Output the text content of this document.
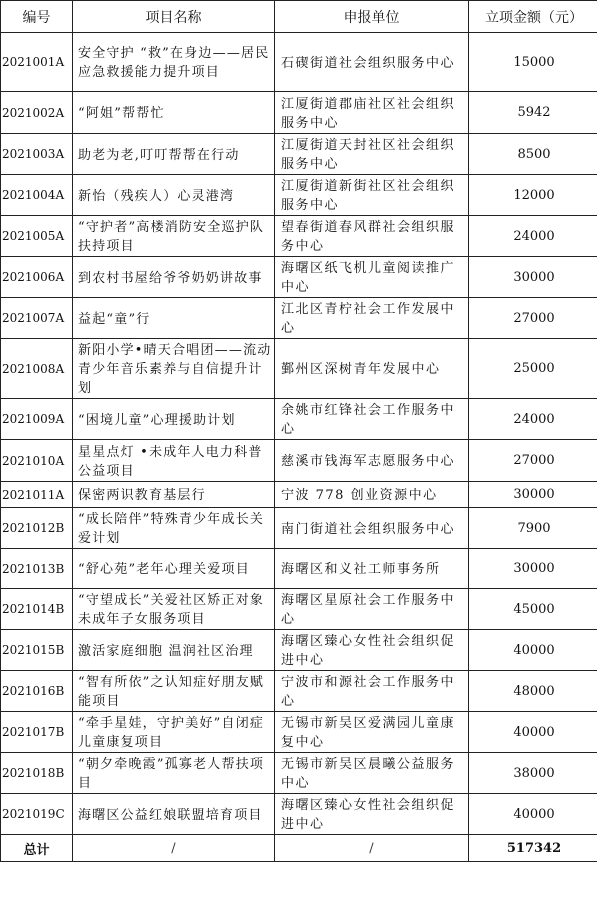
编号	项目名称	申报单位	立项金额（元）
2021001A	安全守护 “救”在身边——居民应急救援能力提升项目	石碶街道社会组织服务中心	15000
2021002A	“阿姐”帮帮忙	江厦街道郡庙社区社会组织服务中心	5942
2021003A	助老为老,叮叮帮帮在行动	江厦街道天封社区社会组织服务中心	8500
2021004A	新怡（残疾人）心灵港湾	江厦街道新街社区社会组织服务中心	12000
2021005A	“守护者”高楼消防安全巡护队扶持项目	望春街道春风群社会组织服务中心	24000
2021006A	到农村书屋给爷爷奶奶讲故事	海曙区纸飞机儿童阅读推广中心	30000
2021007A	益起“童”行	江北区青柠社会工作发展中心	27000
2021008A	新阳小学•晴天合唱团——流动青少年音乐素养与自信提升计划	鄞州区深树青年发展中心	25000
2021009A	“困境儿童”心理援助计划	余姚市红锋社会工作服务中心	24000
2021010A	星星点灯 •未成年人电力科普公益项目	慈溪市钱海军志愿服务中心	27000
2021011A	保密两识教育基层行	宁波 778 创业资源中心	30000
2021012B	“成长陪伴”特殊青少年成长关爱计划	南门街道社会组织服务中心	7900
2021013B	“舒心苑”老年心理关爱项目	海曙区和义社工师事务所	30000
2021014B	“守望成长”关爱社区矫正对象未成年子女服务项目	海曙区星原社会工作服务中心	45000
2021015B	激活家庭细胞 温润社区治理	海曙区臻心女性社会组织促进中心	40000
2021016B	“智有所依”之认知症好朋友赋能项目	宁波市和源社会工作服务中心	48000
2021017B	“牵手星娃，守护美好”自闭症儿童康复项目	无锡市新吴区爱满园儿童康复中心	40000
2021018B	“朝夕牵晚霞”孤寡老人帮扶项目	无锡市新吴区晨曦公益服务中心	38000
2021019C	海曙区公益红娘联盟培育项目	海曙区臻心女性社会组织促进中心	40000
总计	/	/	517342
